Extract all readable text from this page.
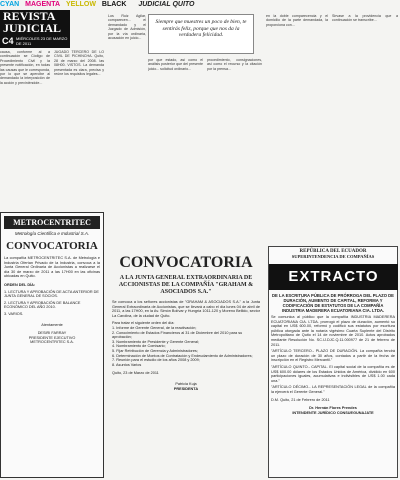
CYAN MAGENTA YELLOW BLACK JUDICIAL QUITO
REVISTA
JUDICIAL
C4 MIÉRCOLES 23 DE MARZO DE 2011

causa, conforme al a continuación se Código de Procedimiento Civil y la presente notificación, en todas las causas que le corresponda, por lo que se apercibe al demandado la interposición de la acción y previniéndole...

JUGADO TERCERO DE LO CIVIL DE PICHINCHA. Quito, 28 de marzo del 2008. las 08H00. VISTOS. La demanda presentada es clara, precisa y reúne los requisitos legales...

Los Ruiz Agilar, comparecen... el demandado y el Juzgado de Admisión, por la vía ordinaria, acusación en juicio...

Siempre que muestres un poco de bien, te sentirás feliz, porque que nos da la verdadera felicidad.

por que estado, así como el análisis posterior que del presente juicio... solicitud ordinario...

procedimiento, consignaciones, así como el recurso y la citación por la prensa...

en la doble comparecencia y el domicilio de la parte demandada, la proporciona con...

Sirvase a la providencia que a continuación se transcribe...

METROCENTRITEC
Metrología Científica e Industrial S.A.
CONVOCATORIA
La compañía METROCENTRITEC S.A. de Metrología e Industria Ofertan Privado de la Industria, convoca a la Junta General Ordinaria de Accionistas a realizarse el día 30 de marzo de 2011 a las 17H00 en las oficinas ubicadas en Quito.
ORDEN DEL DÍA:
1. LECTURA Y APROBACIÓN DE ACTA ANTERIOR DE JUNTA GENERAL DE SOCIOS.
2. LECTURA Y APROBACIÓN DE BALANCE ECONÓMICO DEL AÑO 2010.
3. VARIOS.
Atentamente
DESIRI FARRAY
PRESIDENTE EJECUTIVO
METROCENTRITEC S.A.
CONVOCATORIA
A LA JUNTA GENERAL EXTRAORDINARIA DE ACCIONISTAS DE LA COMPAÑÍA "GRAHAM & ASOCIADOS S.A."
Se convoca a los señores accionistas de "GRAHAM & ASOCIADOS S.A." a la Junta General Extraordinaria de Accionistas, que se llevará a cabo el día lunes 04 de abril de 2011, a las 17H00, en la Av. Simón Bolívar y Hungría 1011-120 y Moreno Bellido, sector La Carolina, de la ciudad de Quito.
Para tratar el siguiente orden del día:
1. Informe de Gerente General, de la reactivación;
2. Conocimiento de Estados Financieros al 31 de Diciembre del 2010 para su aprobación;
3. Nombramiento de Presidente y Gerente General;
4. Nombramiento de Comisario;
5. Fijar Retribución de Gerencia y Administradores;
6. Determinación de Montos de Contratación y Endeudamiento de Administradores;
7. Reunión para el estudio de los años 2008 y 2009;
8. Asuntos Varios
Quito, 23 de Marzo de 2011
Patricia Kuja
PRESIDENTA
REPÚBLICA DEL ECUADOR
SUPERINTENDENCIA DE COMPAÑÍAS
EXTRACTO
DE LA ESCRITURA PÚBLICA DE PRÓRROGA DEL PLAZO DE DURACIÓN, AUMENTO DE CAPITAL, REFORMA Y CODIFICACIÓN DE ESTATUTOS DE LA COMPAÑÍA INDUSTRIA MADERERA ECUATORIANA CIA. LTDA.
Se comunica al público que la compañía INDUSTRIA MADERERA ECUATORIANA CIA. LTDA. prorrogó el plazo de duración, aumentó su capital en US$ 600.00, reformó y codificó sus estatutos por escritura pública otorgada ante la notaría vigésimo Cuarta Suplente del Distrito Metropolitano de Quito el 14 de noviembre de 2010. Actos aprobados mediante Resolución No. SC.IJ.DJC.Q.11.000977 de 21 de febrero de 2011.
"ARTÍCULO TERCERO.- PLAZO DE DURACIÓN. La compañía tendrá un plazo de duración de 30 años, contados a partir de la fecha de inscripción en el Registro Mercantil."
"ARTÍCULO QUINTO.- CAPITAL. El capital social de la compañía es de US$ 600.00 dólares de los Estados Unidos de América, dividido en 600 participaciones iguales, acumulativas e indivisibles de US$ 1.00 cada una."
"ARTÍCULO DÉCIMO.- LA REPRESENTACIÓN LEGAL de la compañía la ejercerá el Gerente General."
D.M. Quito, 21 de Febrero de 2011
Dr. Hernán Flores Prendes
INTENDENTE JURÍDICO CONSUEGUNAJATE
